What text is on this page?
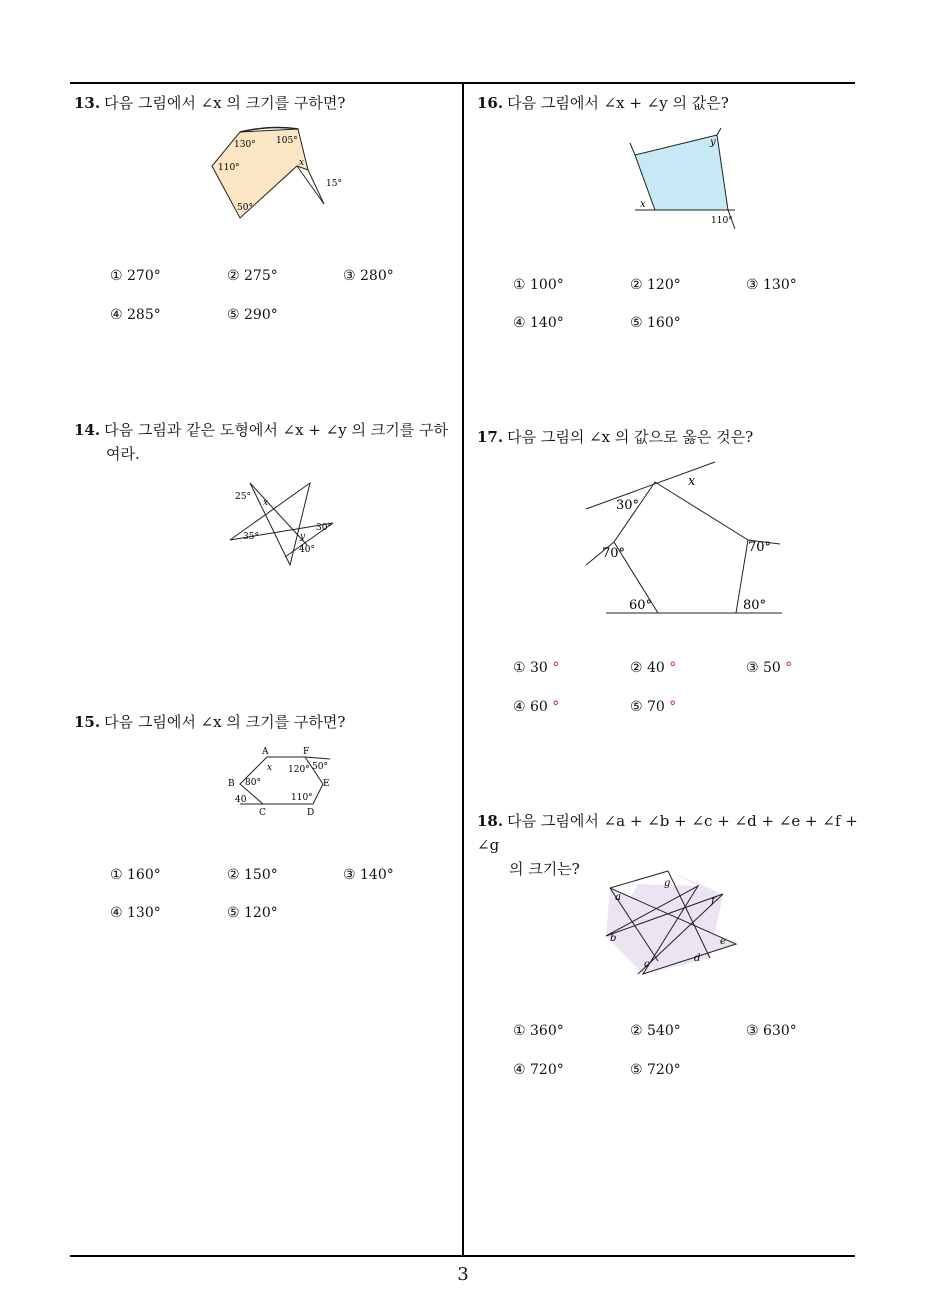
3

13. 다음 그림에서 ∠x 의 크기를 구하면?

130° 105°
110°
50°
x
15°
① 270°	② 275°	③ 280°
④ 285°	⑤ 290°

14. 다음 그림과 같은 도형에서 ∠x + ∠y 의 크기를 구하

여라.

25°
x
30°
35°	y
40°

15. 다음 그림에서 ∠x 의 크기를 구하면?

A	F
x 120° 50°
B 80°	E
40	110°
C	D
① 160°	② 150°	③ 140°
④ 130°	⑤ 120°

16. 다음 그림에서 ∠x + ∠y 의 값은?

y
x
110°
① 100°	② 120°	③ 130°
④ 140°	⑤ 160°

17. 다음 그림의 ∠x 의 값으로 옳은 것은?

x
30°
70°	70°
60°	80°
① 30 °	② 40 °	③ 50 °
④ 60 °	⑤ 70 °

18. 다음 그림에서 ∠a + ∠b + ∠c + ∠d + ∠e + ∠f + ∠g

의 크기는?

g
a	f
b	e
c
d
① 360°	② 540°	③ 630°
④ 720°	⑤ 720°
